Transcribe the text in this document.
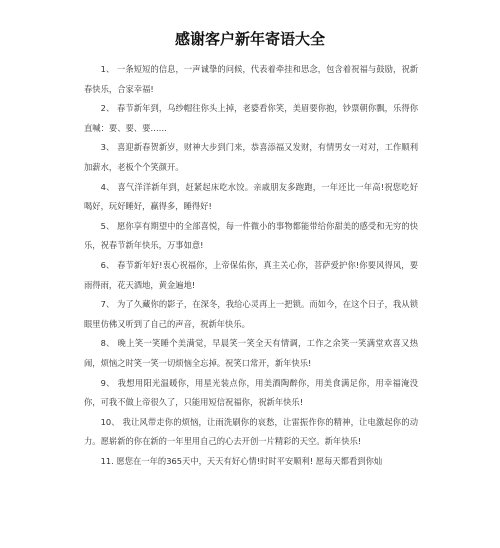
感谢客户新年寄语大全

1、 一条短短的信息，一声诚挚的问候，代表着牵挂和思念，包含着祝福与鼓励，祝新春快乐，合家幸福!

2、 春节新年到，乌纱帽往你头上掉，老婆看你笑，美眉要你抱，钞票朝你飘，乐得你直喊：要、要、要……

3、 喜迎新春贺新岁，财神大步到门来，恭喜添福又发财，有情男女一对对，工作顺利加薪水，老板个个笑颜开。

4、 喜气洋洋新年到，赶紧起床吃水饺。亲戚朋友多跑跑，一年还比一年高!祝您吃好喝好，玩好睡好，赢得多，睡得好!

5、 愿你享有期望中的全部喜悦，每一件微小的事物都能带给你甜美的感受和无穷的快乐，祝春节新年快乐，万事如意!

6、 春节新年好!衷心祝福你，上帝保佑你，真主关心你，菩萨爱护你!你要风得风，要雨得雨，花天酒地，黄金遍地!

7、 为了久藏你的影子，在深冬，我给心灵再上一把锁。而如今，在这个日子，我从锁眼里仿佛又听到了自己的声音，祝新年快乐。

8、 晚上笑一笑睡个美满觉，早晨笑一笑全天有情调，工作之余笑一笑满堂欢喜又热闹，烦恼之时笑一笑一切烦恼全忘掉。祝笑口常开，新年快乐!

9、 我想用阳光温暖你，用星光装点你，用美酒陶醉你，用美食满足你，用幸福淹没你，可我不做上帝很久了，只能用短信祝福你，祝新年快乐!

10、 我让风带走你的烦恼，让雨洗刷你的哀愁，让雷振作你的精神，让电激起你的动力。愿崭新的你在新的一年里用自己的心去开创一片精彩的天空。新年快乐!

11. 愿您在一年的365天中，天天有好心情!时时平安顺利! 愿每天都看到你灿
